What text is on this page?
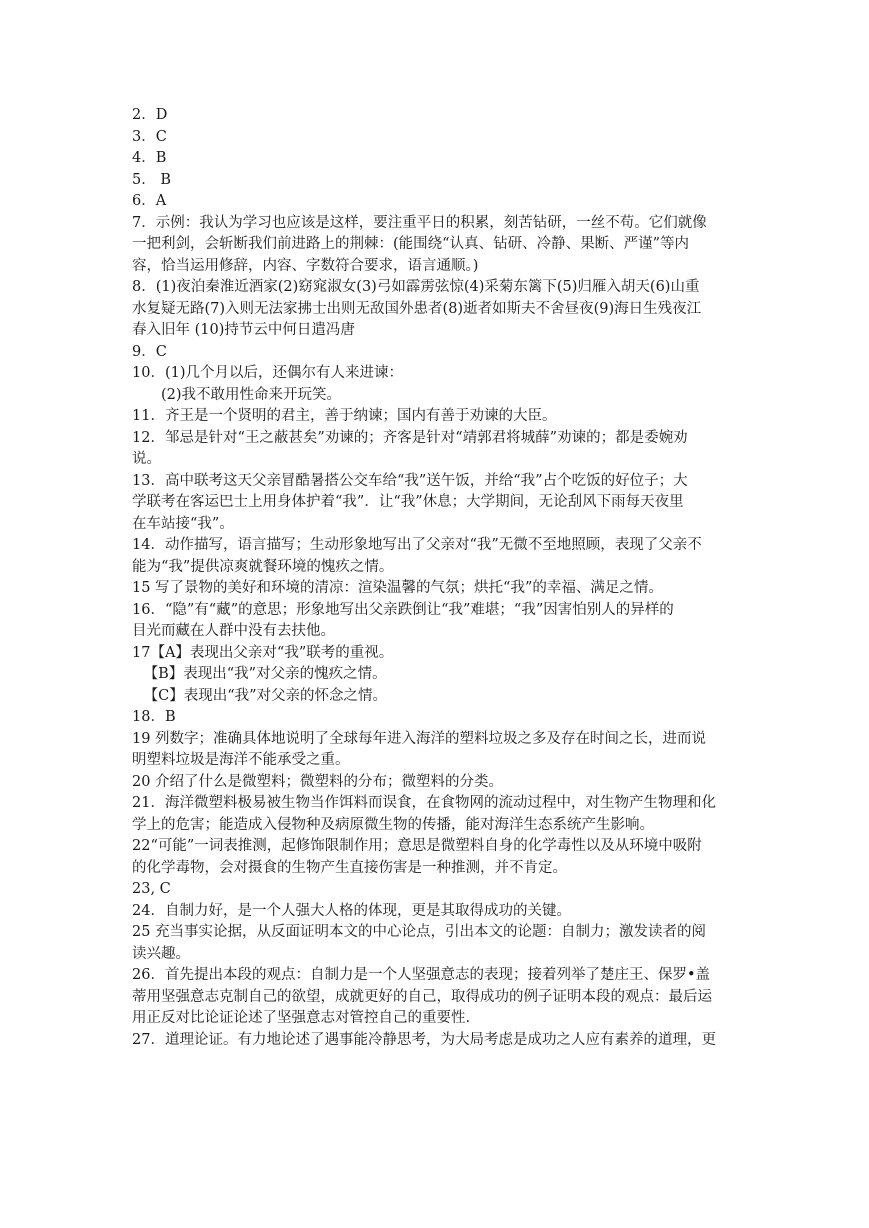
2．D

3．C

4．B

5． B

6．A

7．示例：我认为学习也应该是这样，要注重平日的积累，刻苦钻研，一丝不苟。它们就像

一把利剑，会斩断我们前进路上的荆棘：(能围绕“认真、钻研、冷静、果断、严谨”等内

容，恰当运用修辞，内容、字数符合要求，语言通顺。)

8．(1)夜泊秦淮近酒家(2)窈窕淑女(3)弓如霹雳弦惊(4)采菊东篱下(5)归雁入胡天(6)山重

水复疑无路(7)入则无法家拂士出则无敌国外患者(8)逝者如斯夫不舍昼夜(9)海日生残夜江

春入旧年 (10)持节云中何日遣冯唐

9．C

10．(1)几个月以后，还偶尔有人来进谏：

(2)我不敢用性命来开玩笑。

11．齐王是一个贤明的君主，善于纳谏；国内有善于劝谏的大臣。

12．邹忌是针对“王之蔽甚矣”劝谏的；齐客是针对“靖郭君将城薛”劝谏的；都是委婉劝

说。

13．高中联考这天父亲冒酷暑搭公交车给“我”送午饭，并给“我”占个吃饭的好位子；大

学联考在客运巴士上用身体护着“我”．让“我”休息；大学期间，无论刮风下雨每天夜里

在车站接“我”。

14．动作描写，语言描写；生动形象地写出了父亲对“我”无微不至地照顾，表现了父亲不

能为“我”提供凉爽就餐环境的愧疚之情。

15 写了景物的美好和环境的清凉：渲染温馨的气氛；烘托“我”的幸福、满足之情。

16．“隐”有“藏”的意思；形象地写出父亲跌倒让“我”难堪；“我”因害怕别人的异样的

目光而藏在人群中没有去扶他。

17【A】表现出父亲对“我”联考的重视。

【B】表现出“我”对父亲的愧疚之情。

【C】表现出“我”对父亲的怀念之情。

18．B

19 列数字；准确具体地说明了全球每年进入海洋的塑料垃圾之多及存在时间之长，进而说

明塑料垃圾是海洋不能承受之重。

20 介绍了什么是微塑料；微塑料的分布；微塑料的分类。

21．海洋微塑料极易被生物当作饵料而误食，在食物网的流动过程中，对生物产生物理和化

学上的危害；能造成入侵物种及病原微生物的传播，能对海洋生态系统产生影响。

22“可能”一词表推测，起修饰限制作用；意思是微塑料自身的化学毒性以及从环境中吸附

的化学毒物，会对摄食的生物产生直接伤害是一种推测，并不肯定。

23, C

24．自制力好，是一个人强大人格的体现，更是其取得成功的关键。

25 充当事实论据，从反面证明本文的中心论点，引出本文的论题：自制力；激发读者的阅

读兴趣。

26．首先提出本段的观点：自制力是一个人坚强意志的表现；接着列举了楚庄王、保罗•盖

蒂用坚强意志克制自己的欲望，成就更好的自己，取得成功的例子证明本段的观点：最后运

用正反对比论证论述了坚强意志对管控自己的重要性.

27．道理论证。有力地论述了遇事能冷静思考，为大局考虑是成功之人应有素养的道理，更
